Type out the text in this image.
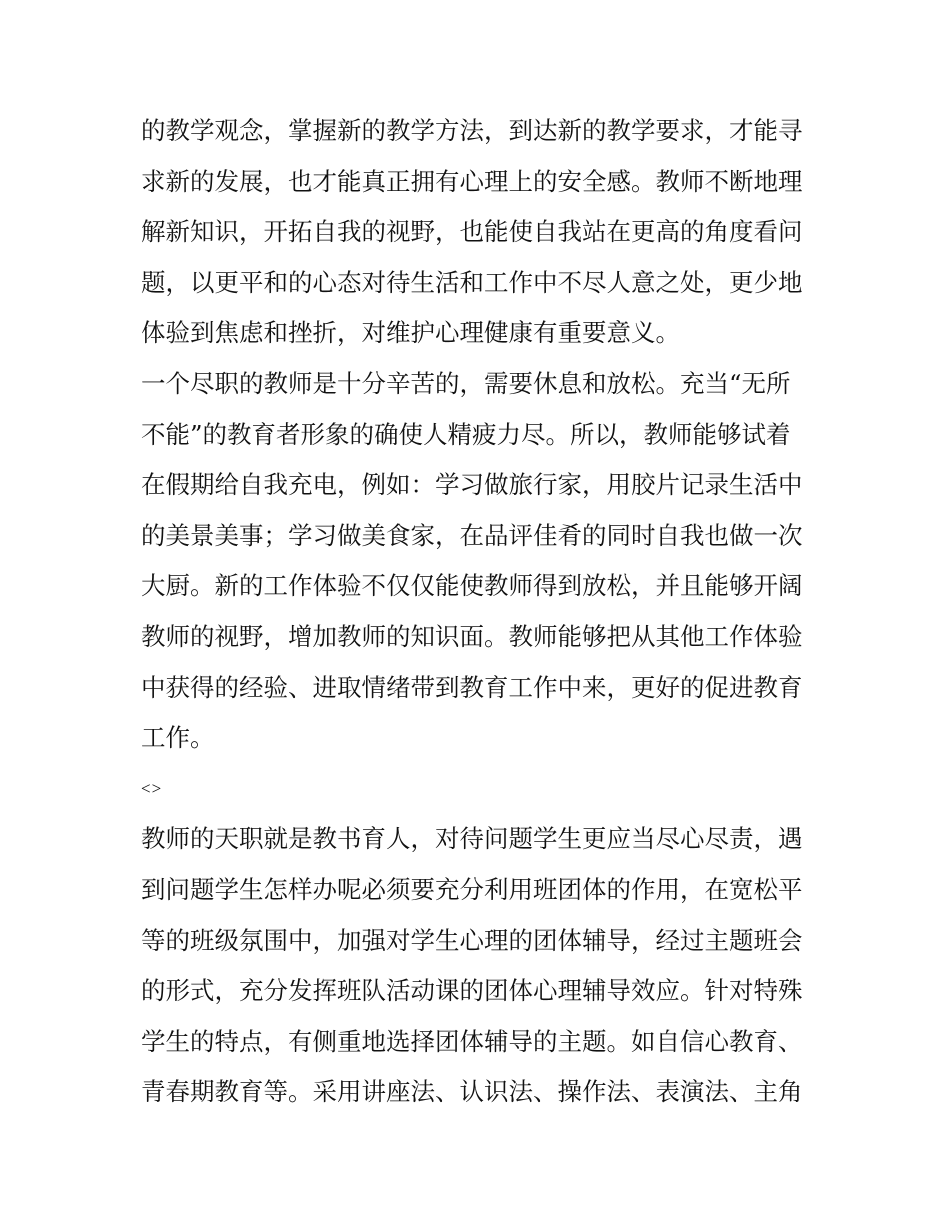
的教学观念，掌握新的教学方法，到达新的教学要求，才能寻
求新的发展，也才能真正拥有心理上的安全感。教师不断地理
解新知识，开拓自我的视野，也能使自我站在更高的角度看问
题，以更平和的心态对待生活和工作中不尽人意之处，更少地
体验到焦虑和挫折，对维护心理健康有重要意义。
一个尽职的教师是十分辛苦的，需要休息和放松。充当“无所
不能”的教育者形象的确使人精疲力尽。所以，教师能够试着
在假期给自我充电，例如：学习做旅行家，用胶片记录生活中
的美景美事；学习做美食家，在品评佳肴的同时自我也做一次
大厨。新的工作体验不仅仅能使教师得到放松，并且能够开阔
教师的视野，增加教师的知识面。教师能够把从其他工作体验
中获得的经验、进取情绪带到教育工作中来，更好的促进教育
工作。
<>
教师的天职就是教书育人，对待问题学生更应当尽心尽责，遇
到问题学生怎样办呢必须要充分利用班团体的作用，在宽松平
等的班级氛围中，加强对学生心理的团体辅导，经过主题班会
的形式，充分发挥班队活动课的团体心理辅导效应。针对特殊
学生的特点，有侧重地选择团体辅导的主题。如自信心教育、
青春期教育等。采用讲座法、认识法、操作法、表演法、主角
